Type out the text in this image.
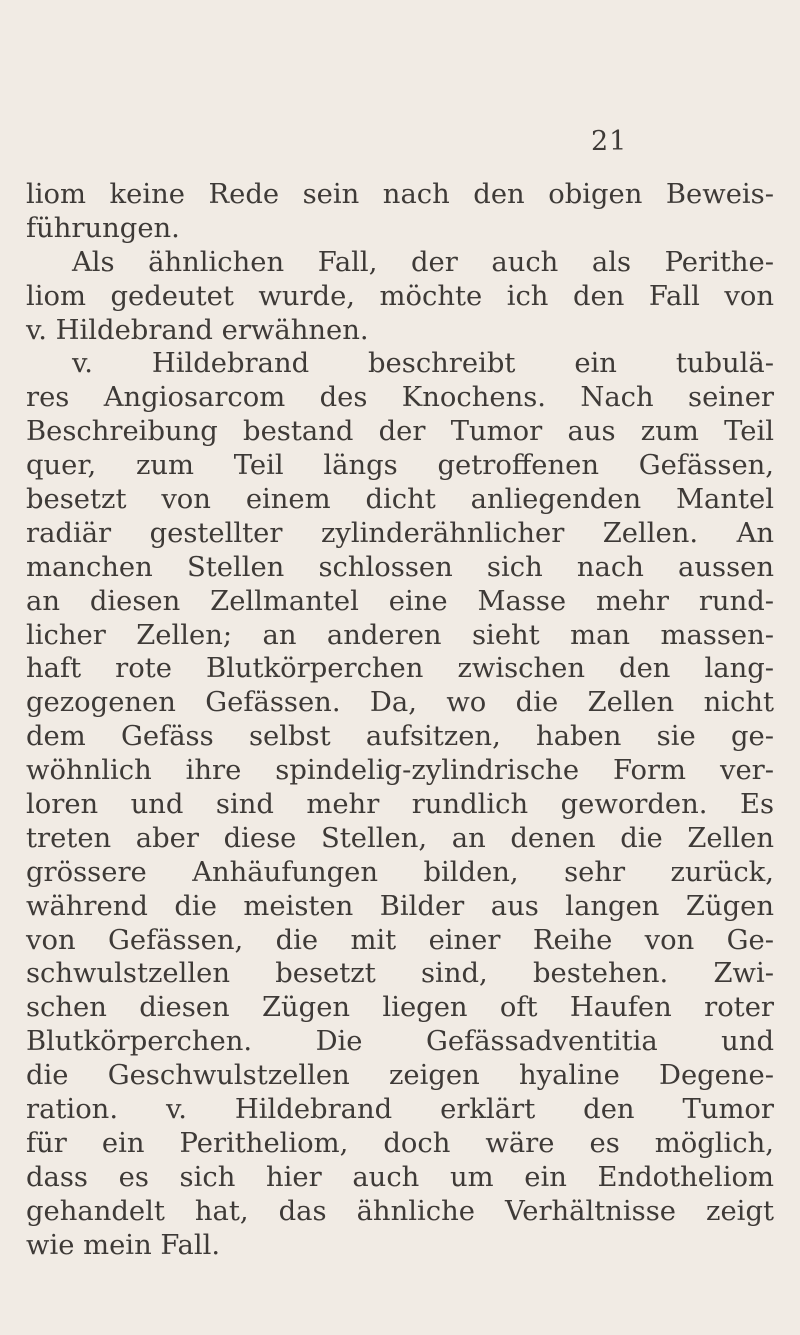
21
liom keine Rede sein nach den obigen Beweis-
führungen.
Als ähnlichen Fall, der auch als Perithe-
liom gedeutet wurde, möchte ich den Fall von
v. Hildebrand erwähnen.
v. Hildebrand beschreibt ein tubulä-
res Angiosarcom des Knochens. Nach seiner
Beschreibung bestand der Tumor aus zum Teil
quer, zum Teil längs getroffenen Gefässen,
besetzt von einem dicht anliegenden Mantel
radiär gestellter zylinderähnlicher Zellen. An
manchen Stellen schlossen sich nach aussen
an diesen Zellmantel eine Masse mehr rund-
licher Zellen; an anderen sieht man massen-
haft rote Blutkörperchen zwischen den lang-
gezogenen Gefässen. Da, wo die Zellen nicht
dem Gefäss selbst aufsitzen, haben sie ge-
wöhnlich ihre spindelig-zylindrische Form ver-
loren und sind mehr rundlich geworden. Es
treten aber diese Stellen, an denen die Zellen
grössere Anhäufungen bilden, sehr zurück,
während die meisten Bilder aus langen Zügen
von Gefässen, die mit einer Reihe von Ge-
schwulstzellen besetzt sind, bestehen. Zwi-
schen diesen Zügen liegen oft Haufen roter
Blutkörperchen. Die Gefässadventitia und
die Geschwulstzellen zeigen hyaline Degene-
ration. v. Hildebrand erklärt den Tumor
für ein Peritheliom, doch wäre es möglich,
dass es sich hier auch um ein Endotheliom
gehandelt hat, das ähnliche Verhältnisse zeigt
wie mein Fall.
